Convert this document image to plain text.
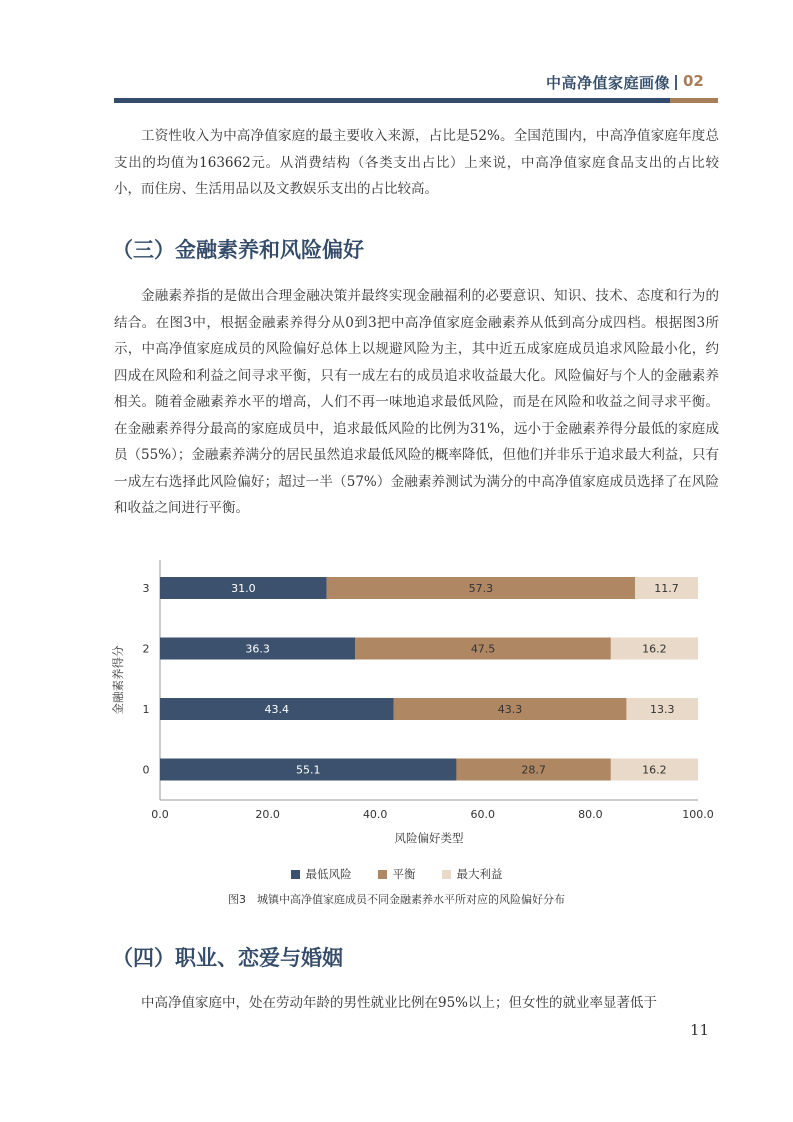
中高净值家庭画像 02

工资性收入为中高净值家庭的最主要收入来源，占比是52%。全国范围内，中高净值家庭年度总支出的均值为163662元。从消费结构（各类支出占比）上来说，中高净值家庭食品支出的占比较小，而住房、生活用品以及文教娱乐支出的占比较高。

（三）金融素养和风险偏好

金融素养指的是做出合理金融决策并最终实现金融福利的必要意识、知识、技术、态度和行为的结合。在图3中，根据金融素养得分从0到3把中高净值家庭金融素养从低到高分成四档。根据图3所示，中高净值家庭成员的风险偏好总体上以规避风险为主，其中近五成家庭成员追求风险最小化，约四成在风险和利益之间寻求平衡，只有一成左右的成员追求收益最大化。风险偏好与个人的金融素养相关。随着金融素养水平的增高，人们不再一味地追求最低风险，而是在风险和收益之间寻求平衡。在金融素养得分最高的家庭成员中，追求最低风险的比例为31%，远小于金融素养得分最低的家庭成员（55%）；金融素养满分的居民虽然追求最低风险的概率降低，但他们并非乐于追求最大利益，只有一成左右选择此风险偏好；超过一半（57%）金融素养测试为满分的中高净值家庭成员选择了在风险和收益之间进行平衡。

3	31.0	57.3	11.7
2	36.3	47.5	16.2
1	43.4	43.3	13.3
0	55.1	28.7	16.2
0.0	20.0	40.0	60.0	80.0	100.0
风险偏好类型
金融素养得分
最低风险	平衡	最大利益
图3　城镇中高净值家庭成员不同金融素养水平所对应的风险偏好分布
（四）职业、恋爱与婚姻

中高净值家庭中，处在劳动年龄的男性就业比例在95%以上；但女性的就业率显著低于

11
